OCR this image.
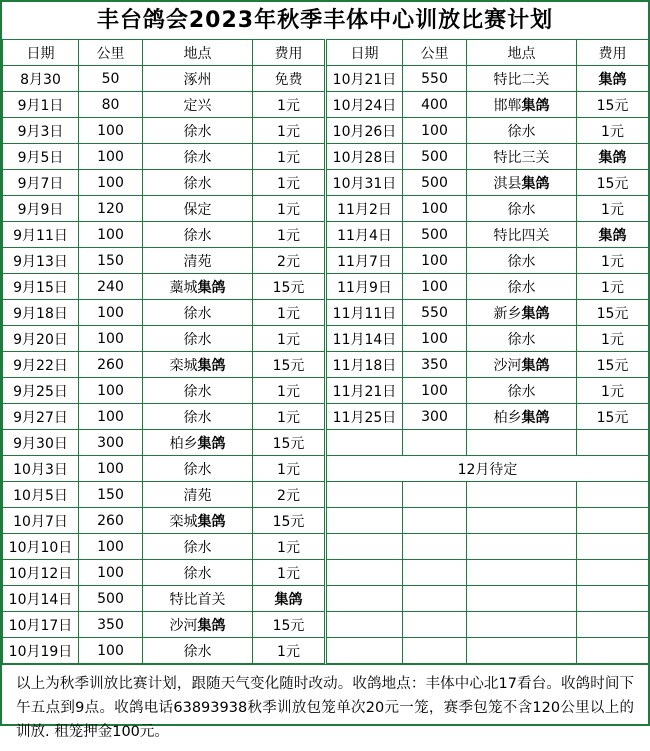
丰台鸽会2023年秋季丰体中心训放比赛计划
日期	公里	地点	费用		日期	公里	地点	费用
8月30	50	涿州	免费		10月21日	550	特比二关	集鸽
9月1日	80	定兴	1元		10月24日	400	邯郸集鸽	15元
9月3日	100	徐水	1元		10月26日	100	徐水	1元
9月5日	100	徐水	1元		10月28日	500	特比三关	集鸽
9月7日	100	徐水	1元		10月31日	500	淇县集鸽	15元
9月9日	120	保定	1元		11月2日	100	徐水	1元
9月11日	100	徐水	1元		11月4日	500	特比四关	集鸽
9月13日	150	清苑	2元		11月7日	100	徐水	1元
9月15日	240	藁城集鸽	15元		11月9日	100	徐水	1元
9月18日	100	徐水	1元		11月11日	550	新乡集鸽	15元
9月20日	100	徐水	1元		11月14日	100	徐水	1元
9月22日	260	栾城集鸽	15元		11月18日	350	沙河集鸽	15元
9月25日	100	徐水	1元		11月21日	100	徐水	1元
9月27日	100	徐水	1元		11月25日	300	柏乡集鸽	15元
9月30日	300	柏乡集鸽	15元					
10月3日	100	徐水	1元		12月待定			
10月5日	150	清苑	2元					
10月7日	260	栾城集鸽	15元					
10月10日	100	徐水	1元					
10月12日	100	徐水	1元					
10月14日	500	特比首关	集鸽					
10月17日	350	沙河集鸽	15元					
10月19日	100	徐水	1元					
以上为秋季训放比赛计划，跟随天气变化随时改动。收鸽地点：丰体中心北17看台。收鸽时间下午五点到9点。收鸽电话63893938秋季训放包笼单次20元一笼，赛季包笼不含120公里以上的训放. 租笼押金100元。
